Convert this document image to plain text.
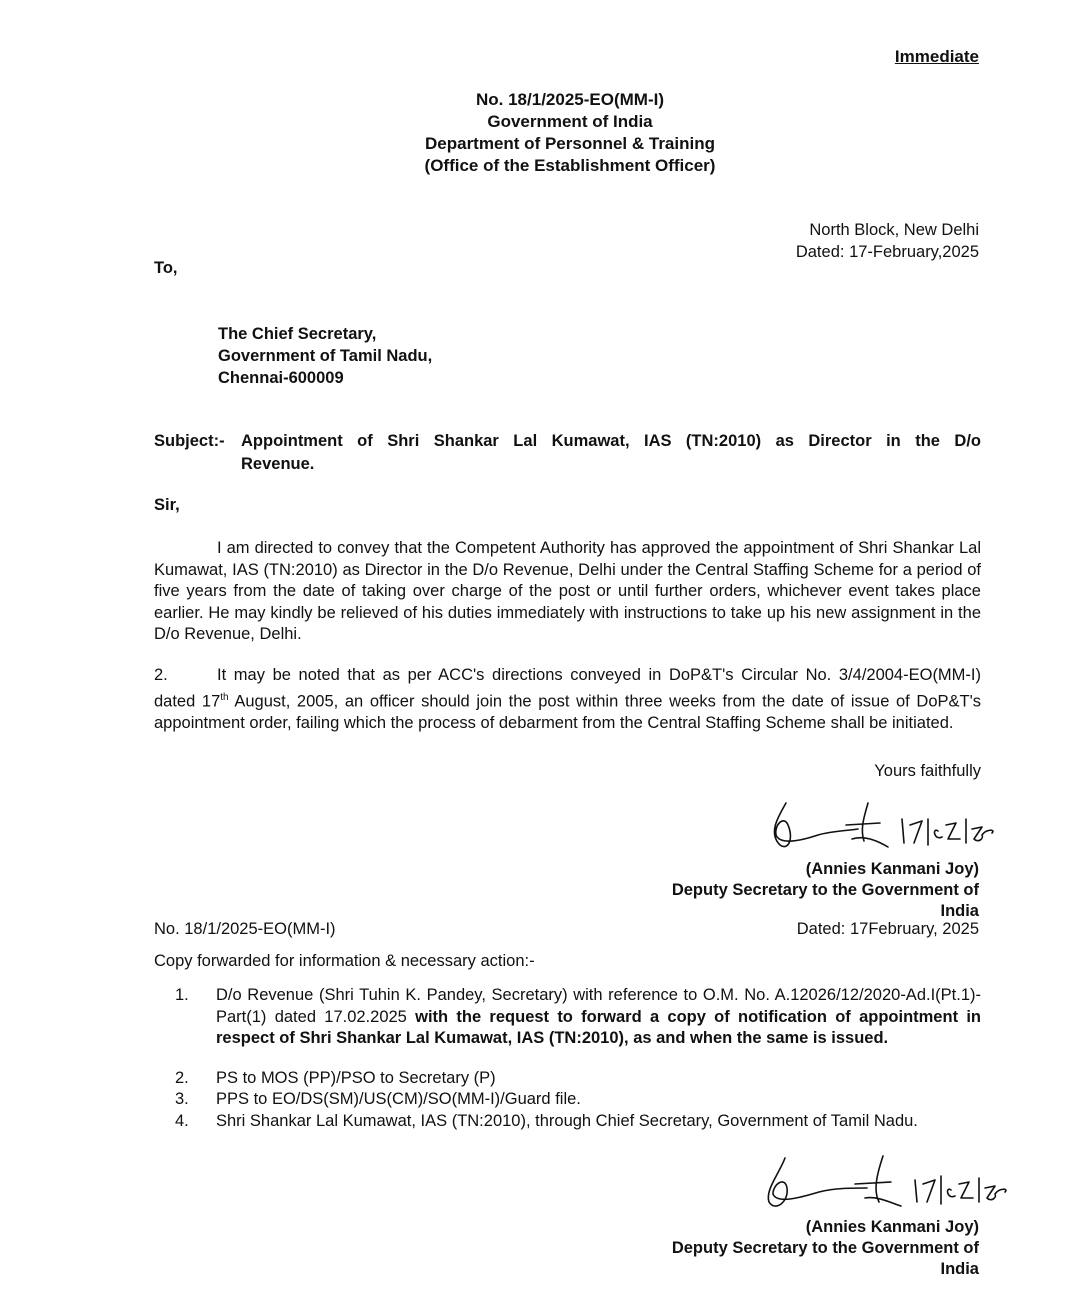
Immediate
No. 18/1/2025-EO(MM-I)
Government of India
Department of Personnel & Training
(Office of the Establishment Officer)
North Block, New Delhi
Dated: 17-February,2025
To,
The Chief Secretary,
Government of Tamil Nadu,
Chennai-600009
Subject:- Appointment of Shri Shankar Lal Kumawat, IAS (TN:2010) as Director in the D/o
Revenue.
Sir,
I am directed to convey that the Competent Authority has approved the appointment of Shri Shankar Lal Kumawat, IAS (TN:2010) as Director in the D/o Revenue, Delhi under the Central Staffing Scheme for a period of five years from the date of taking over charge of the post or until further orders, whichever event takes place earlier. He may kindly be relieved of his duties immediately with instructions to take up his new assignment in the D/o Revenue, Delhi.
2.	It may be noted that as per ACC's directions conveyed in DoP&T's Circular No. 3/4/2004-EO(MM-I) dated 17th August, 2005, an officer should join the post within three weeks from the date of issue of DoP&T's appointment order, failing which the process of debarment from the Central Staffing Scheme shall be initiated.
Yours faithfully
(Annies Kanmani Joy)
Deputy Secretary to the Government of India
No. 18/1/2025-EO(MM-I)	Dated: 17February, 2025
Copy forwarded for information & necessary action:-
1.	D/o Revenue (Shri Tuhin K. Pandey, Secretary) with reference to O.M. No. A.12026/12/2020-Ad.I(Pt.1)-Part(1) dated 17.02.2025 with the request to forward a copy of notification of appointment in respect of Shri Shankar Lal Kumawat, IAS (TN:2010), as and when the same is issued.
2.	PS to MOS (PP)/PSO to Secretary (P)
3.	PPS to EO/DS(SM)/US(CM)/SO(MM-I)/Guard file.
4.	Shri Shankar Lal Kumawat, IAS (TN:2010), through Chief Secretary, Government of Tamil Nadu.
(Annies Kanmani Joy)
Deputy Secretary to the Government of India
